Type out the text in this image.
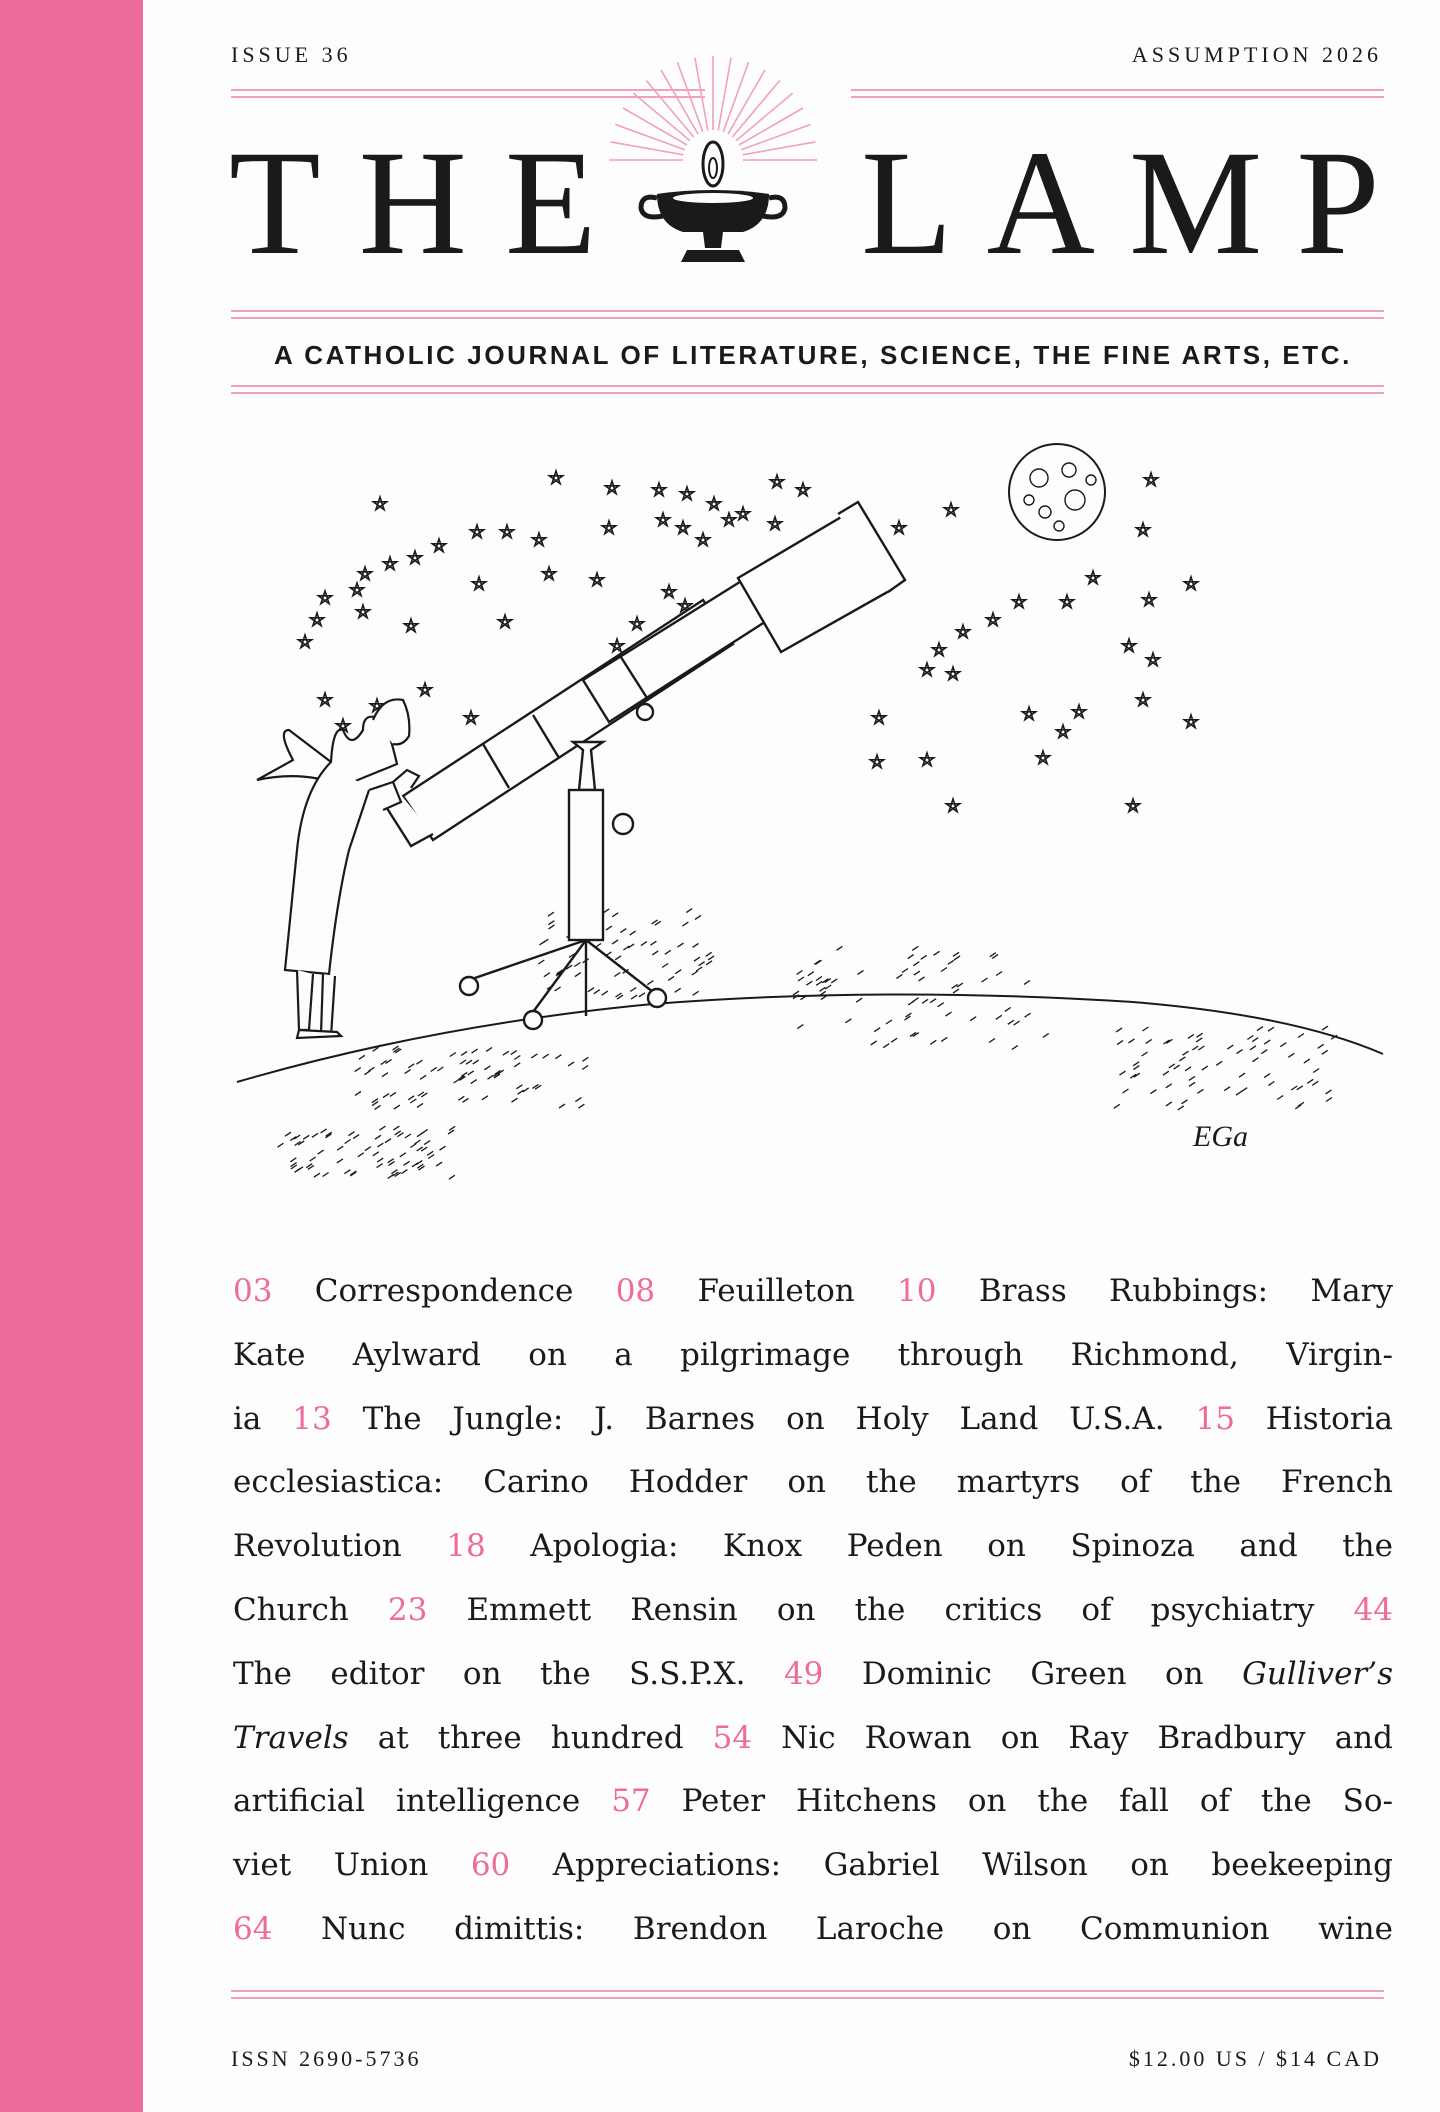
ISSUE 36	ASSUMPTION 2026
THE LAMP
A CATHOLIC JOURNAL OF LITERATURE, SCIENCE, THE FINE ARTS, ETC.
EGa
03 Correspondence 08 Feuilleton 10 Brass Rubbings: Mary
Kate Aylward on a pilgrimage through Richmond, Virgin-
ia 13 The Jungle: J. Barnes on Holy Land U.S.A. 15 Historia
ecclesiastica: Carino Hodder on the martyrs of the French
Revolution 18 Apologia: Knox Peden on Spinoza and the
Church 23 Emmett Rensin on the critics of psychiatry 44
The editor on the S.S.P.X. 49 Dominic Green on Gulliver’s
Travels at three hundred 54 Nic Rowan on Ray Bradbury and
artificial intelligence 57 Peter Hitchens on the fall of the So-
viet Union 60 Appreciations: Gabriel Wilson on beekeeping
64 Nunc dimittis: Brendon Laroche on Communion wine
ISSN 2690-5736	$12.00 US / $14 CAD
